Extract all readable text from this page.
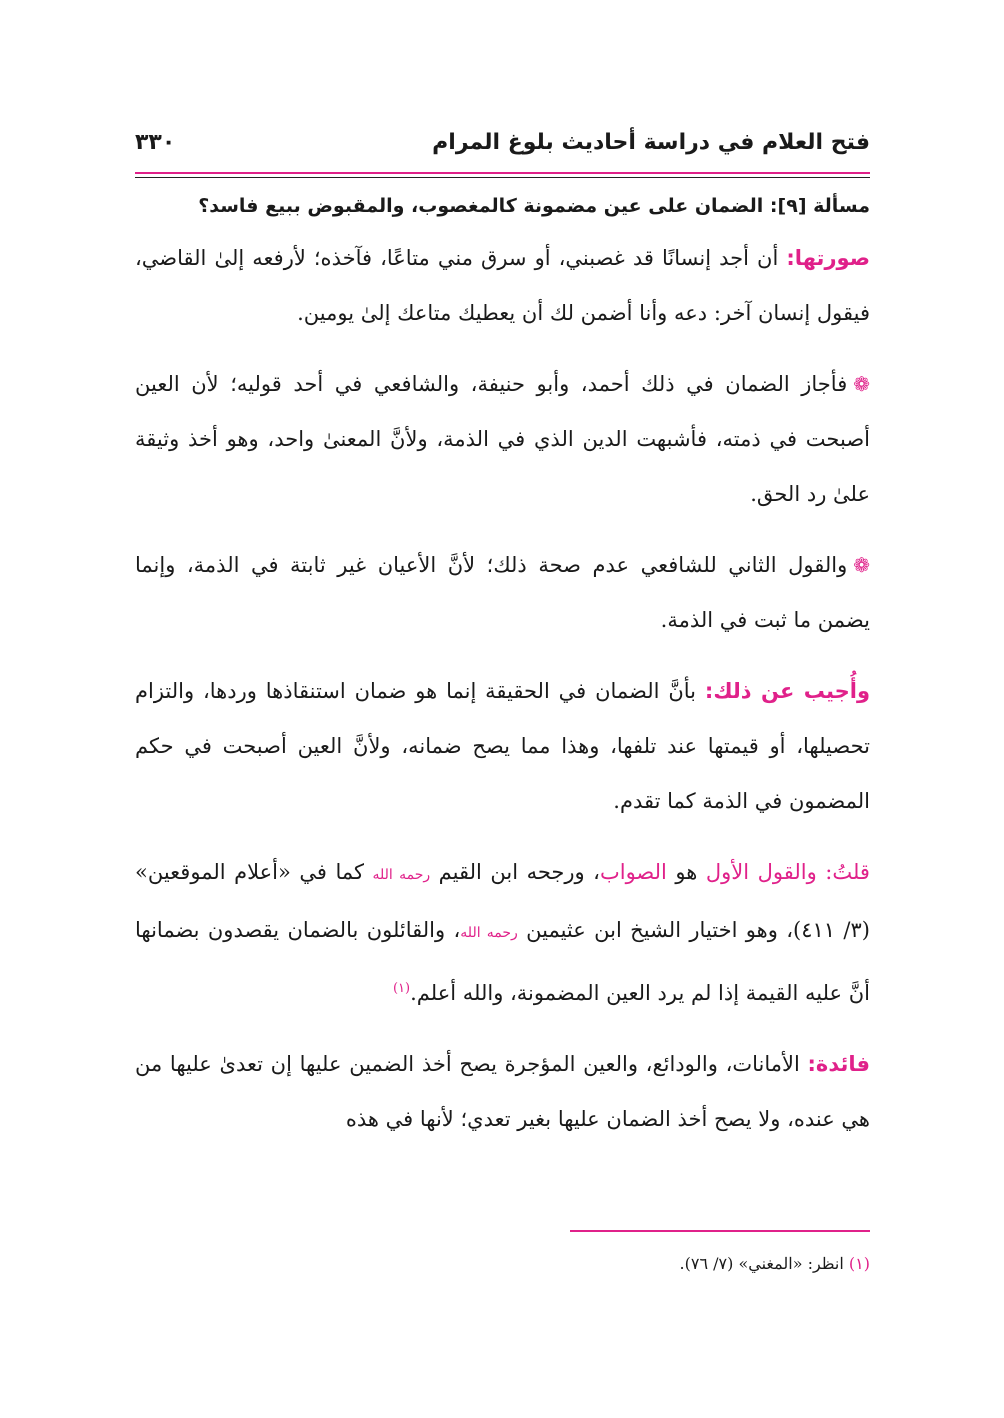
فتح العلام في دراسة أحاديث بلوغ المرام
٣٣٠
مسألة [٩]: الضمان على عين مضمونة كالمغصوب، والمقبوض ببيع فاسد؟

صورتها: أن أجد إنسانًا قد غصبني، أو سرق مني متاعًا، فآخذه؛ لأرفعه إلىٰ القاضي، فيقول إنسان آخر: دعه وأنا أضمن لك أن يعطيك متاعك إلىٰ يومين.

❁فأجاز الضمان في ذلك أحمد، وأبو حنيفة، والشافعي في أحد قوليه؛ لأن العين أصبحت في ذمته، فأشبهت الدين الذي في الذمة، ولأنَّ المعنىٰ واحد، وهو أخذ وثيقة علىٰ رد الحق.

❁والقول الثاني للشافعي عدم صحة ذلك؛ لأنَّ الأعيان غير ثابتة في الذمة، وإنما يضمن ما ثبت في الذمة.

وأُجيب عن ذلك: بأنَّ الضمان في الحقيقة إنما هو ضمان استنقاذها وردها، والتزام تحصيلها، أو قيمتها عند تلفها، وهذا مما يصح ضمانه، ولأنَّ العين أصبحت في حكم المضمون في الذمة كما تقدم.

قلتُ: والقول الأول هو الصواب، ورجحه ابن القيم رحمه الله كما في «أعلام الموقعين» (٣/ ٤١١)، وهو اختيار الشيخ ابن عثيمين رحمه الله، والقائلون بالضمان يقصدون بضمانها أنَّ عليه القيمة إذا لم يرد العين المضمونة، والله أعلم.$^{(١)}$

فائدة: الأمانات، والودائع، والعين المؤجرة يصح أخذ الضمين عليها إن تعدىٰ عليها من هي عنده، ولا يصح أخذ الضمان عليها بغير تعدي؛ لأنها في هذه

(١) انظر: «المغني» (٧/ ٧٦).
